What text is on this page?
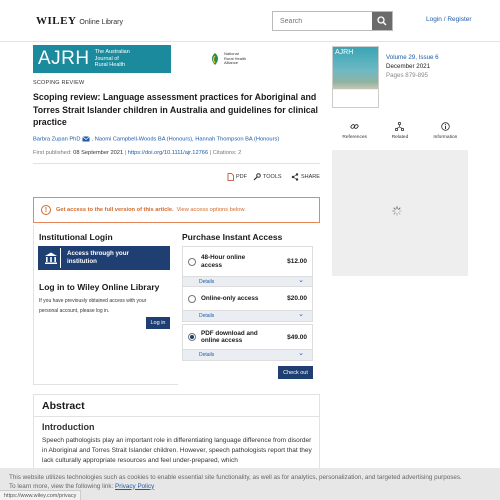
WILEY Online Library
Search	Login / Register
AJRH The Australian
Journal of
Rural Health
National
Rural Health
Alliance
SCOPING REVIEW
Scoping review: Language assessment practices for Aboriginal and Torres Strait Islander children in Australia and guidelines for clinical practice
Barbra Zupan PhD , Naomi Campbell-Woods BA (Honours), Hannah Thompson BA (Honours)
First published: 08 September 2021 | https://doi.org/10.1111/ajr.12766 | Citations: 2
PDF	TOOLS	SHARE
!	Get access to the full version of this article. View access options below.
Institutional Login
Access through your
institution
Log in to Wiley Online Library

If you have previously obtained access with your personal account, please log in.

Log in
Purchase Instant Access
48-Hour online
access	$12.00
Details ⌄
Online-only access	$20.00
Details ⌄
PDF download and
online access	$49.00
Details ⌄
Check out
Abstract
Introduction

Speech pathologists play an important role in differentiating language difference from disorder in Aboriginal and Torres Strait Islander children. However, speech pathologists report that they lack culturally appropriate resources and feel under-prepared, which

AJRH
Volume 29, Issue 6
December 2021
Pages 879-895
References	Related	Information
This website utilizes technologies such as cookies to enable essential site functionality, as well as for analytics, personalization, and targeted advertising purposes.
To learn more, view the following link: Privacy Policy
https://www.wiley.com/privacy
